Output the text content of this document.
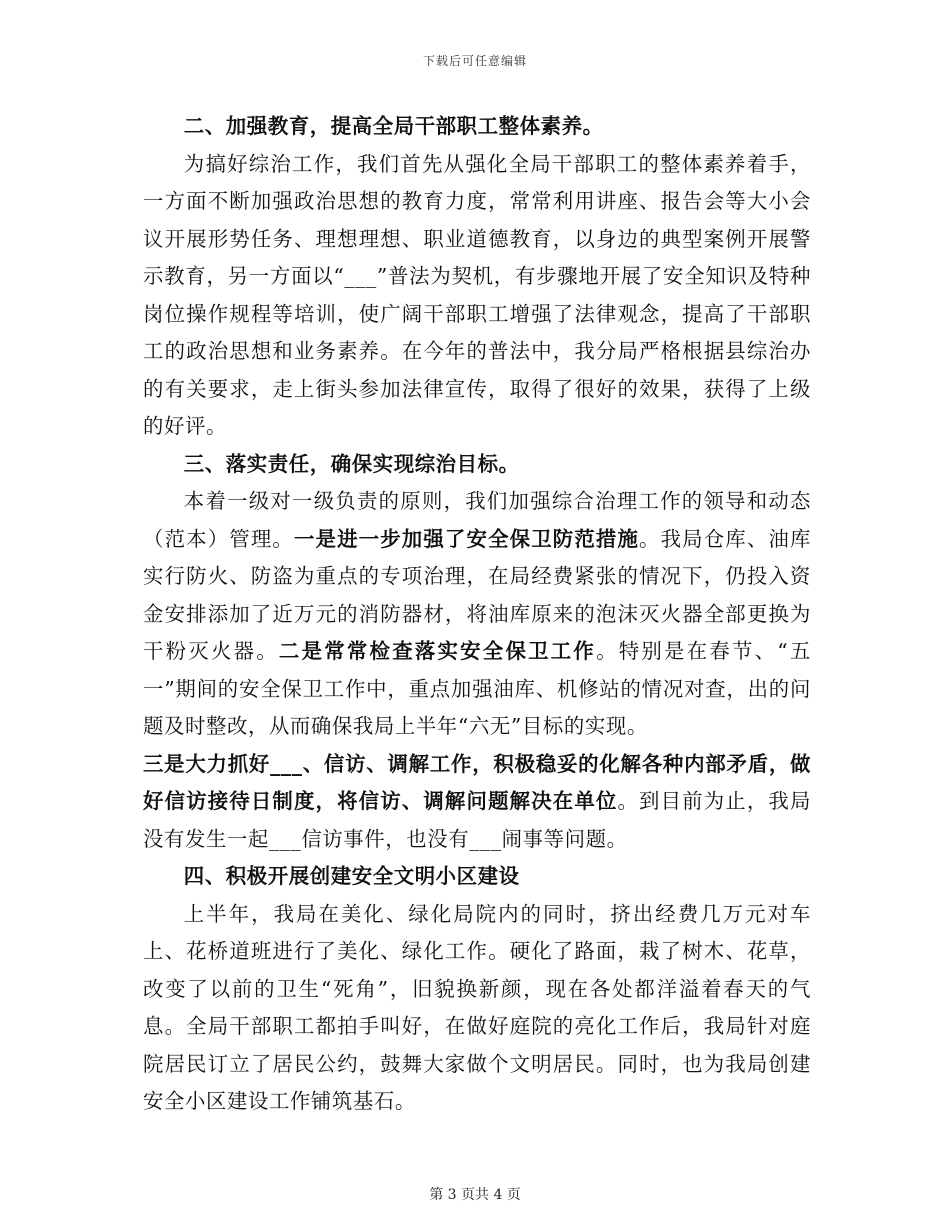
下载后可任意编辑

二、加强教育，提高全局干部职工整体素养。

为搞好综治工作，我们首先从强化全局干部职工的整体素养着手，一方面不断加强政治思想的教育力度，常常利用讲座、报告会等大小会议开展形势任务、理想理想、职业道德教育，以身边的典型案例开展警示教育，另一方面以“___”普法为契机，有步骤地开展了安全知识及特种岗位操作规程等培训，使广阔干部职工增强了法律观念，提高了干部职工的政治思想和业务素养。在今年的普法中，我分局严格根据县综治办的有关要求，走上街头参加法律宣传，取得了很好的效果，获得了上级的好评。

三、落实责任，确保实现综治目标。

本着一级对一级负责的原则，我们加强综合治理工作的领导和动态（范本）管理。一是进一步加强了安全保卫防范措施。我局仓库、油库实行防火、防盗为重点的专项治理，在局经费紧张的情况下，仍投入资金安排添加了近万元的消防器材，将油库原来的泡沫灭火器全部更换为干粉灭火器。二是常常检查落实安全保卫工作。特别是在春节、“五一”期间的安全保卫工作中，重点加强油库、机修站的情况对查，出的问题及时整改，从而确保我局上半年“六无”目标的实现。

三是大力抓好___、信访、调解工作，积极稳妥的化解各种内部矛盾，做好信访接待日制度，将信访、调解问题解决在单位。到目前为止，我局没有发生一起___信访事件，也没有___闹事等问题。

四、积极开展创建安全文明小区建设

上半年，我局在美化、绿化局院内的同时，挤出经费几万元对车上、花桥道班进行了美化、绿化工作。硬化了路面，栽了树木、花草，改变了以前的卫生“死角”，旧貌换新颜，现在各处都洋溢着春天的气息。全局干部职工都拍手叫好，在做好庭院的亮化工作后，我局针对庭院居民订立了居民公约，鼓舞大家做个文明居民。同时，也为我局创建安全小区建设工作铺筑基石。

第 3 页共 4 页
